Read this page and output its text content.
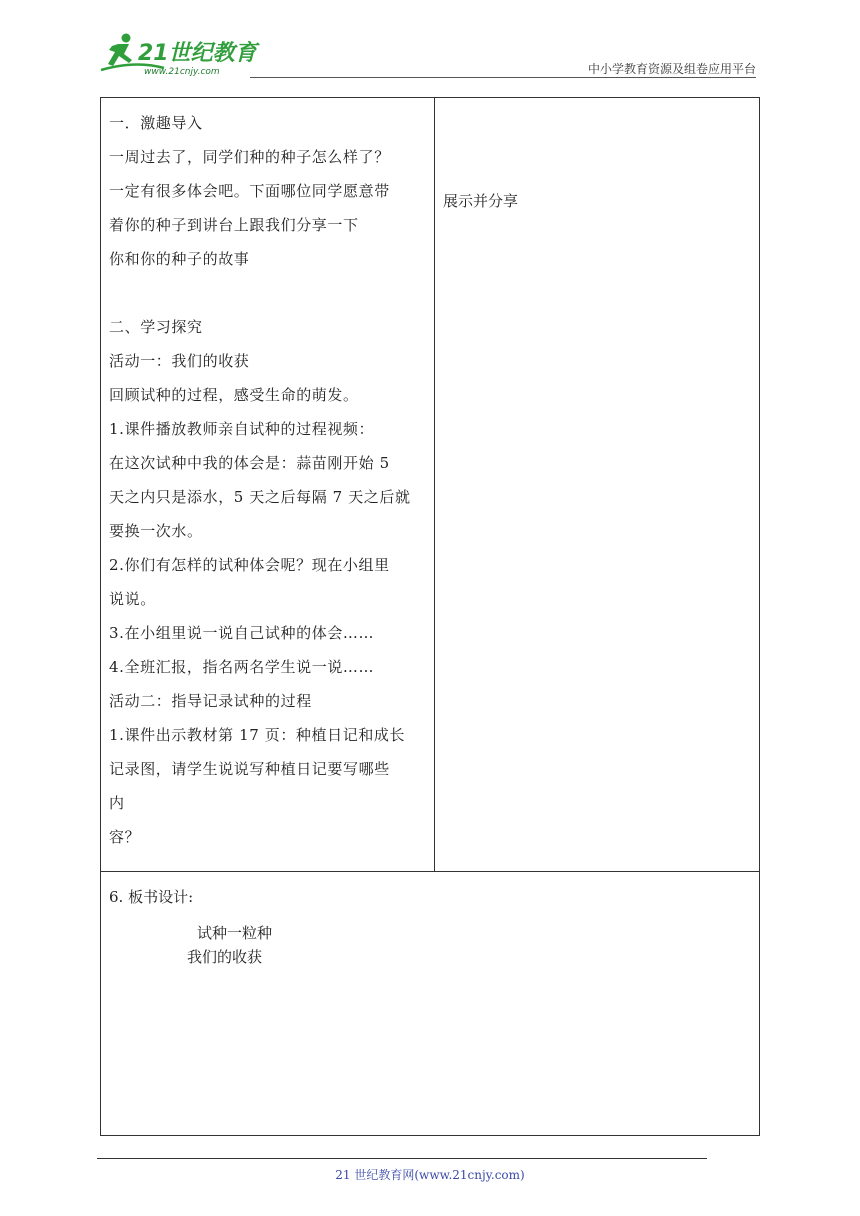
21世纪教育
www.21cnjy.com	中小学教育资源及组卷应用平台
一．激趣导入
一周过去了，同学们种的种子怎么样了？
一定有很多体会吧。下面哪位同学愿意带
着你的种子到讲台上跟我们分享一下
你和你的种子的故事
二、学习探究
活动一：我们的收获
回顾试种的过程，感受生命的萌发。
1.课件播放教师亲自试种的过程视频：
在这次试种中我的体会是：蒜苗刚开始 5
天之内只是添水，5 天之后每隔 7 天之后就
要换一次水。
2.你们有怎样的试种体会呢？现在小组里
说说。
3.在小组里说一说自己试种的体会……
4.全班汇报，指名两名学生说一说……
活动二：指导记录试种的过程
1.课件出示教材第 17 页：种植日记和成长
记录图，请学生说说写种植日记要写哪些
内
容？
展示并分享
6. 板书设计:
试种一粒种
我们的收获
21 世纪教育网(www.21cnjy.com)
